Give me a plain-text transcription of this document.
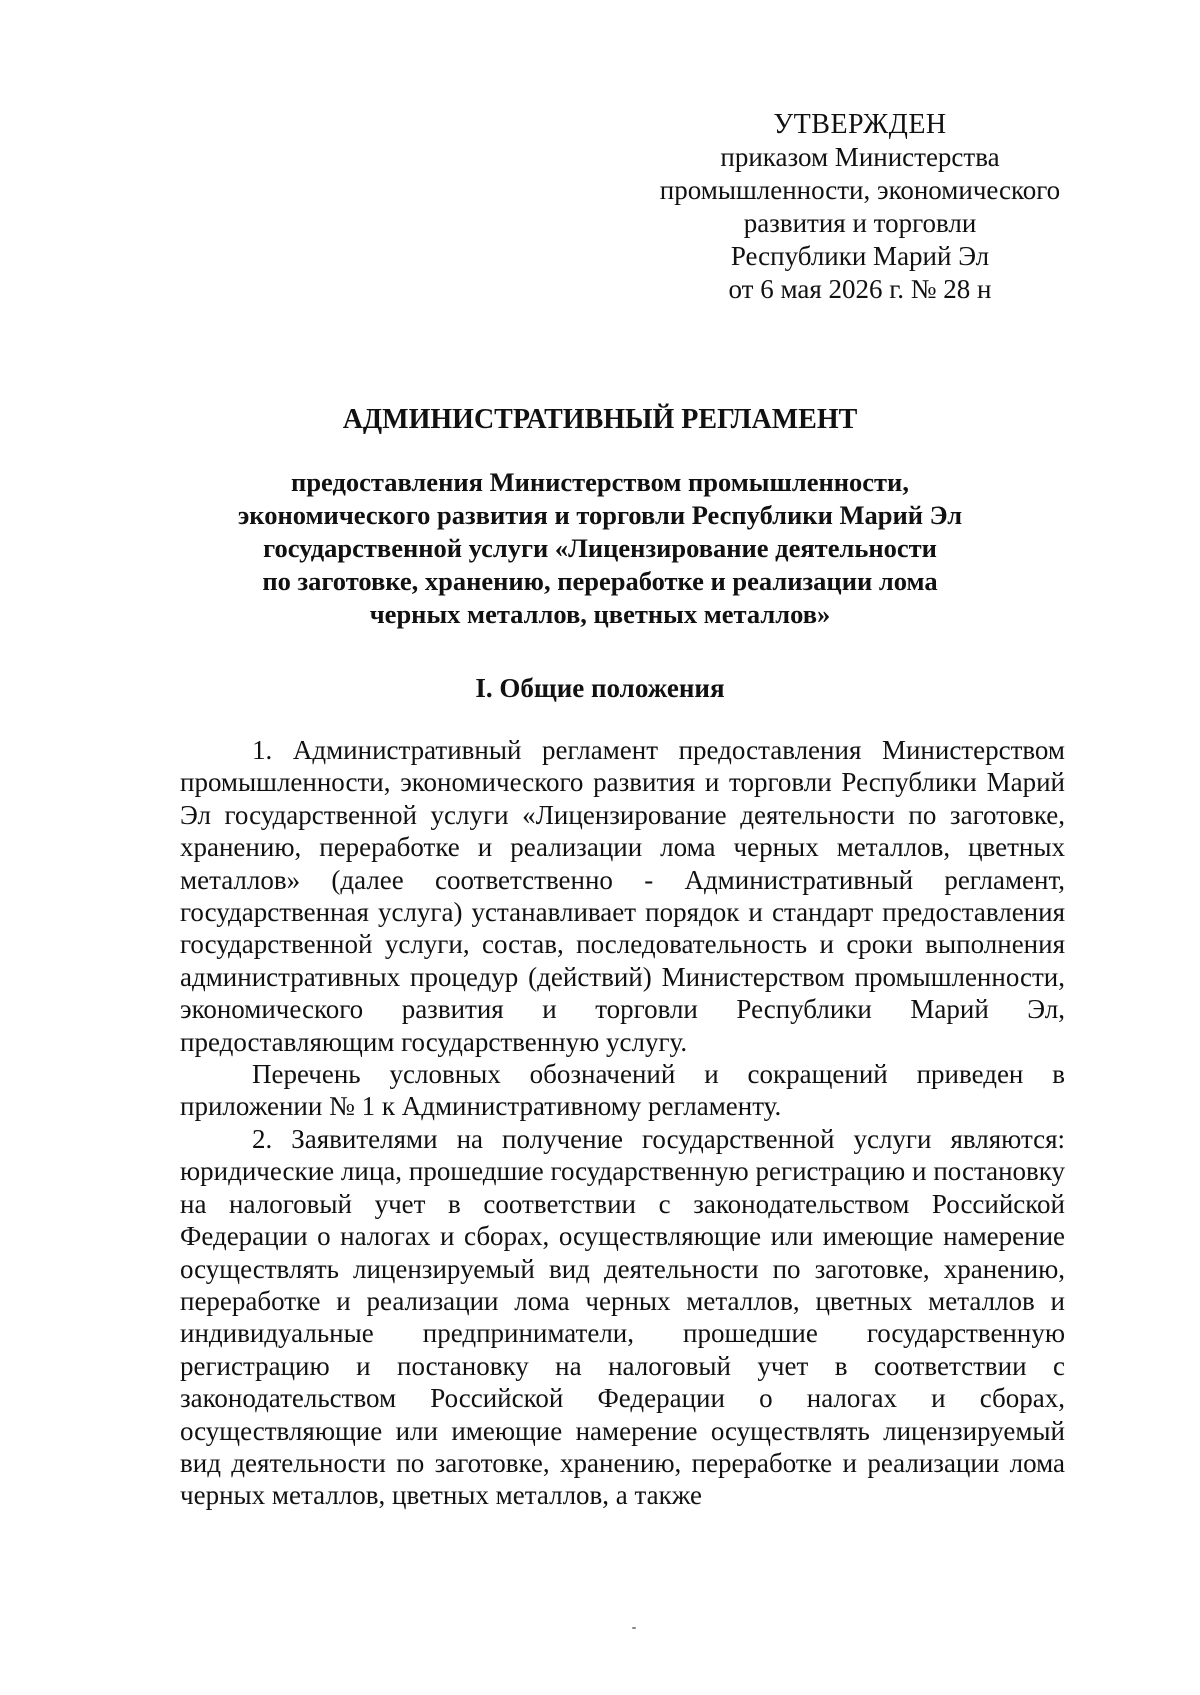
УТВЕРЖДЕН
приказом Министерства
промышленности, экономического
развития и торговли
Республики Марий Эл
от 6 мая 2026 г. № 28 н
АДМИНИСТРАТИВНЫЙ РЕГЛАМЕНТ
предоставления Министерством промышленности,
экономического развития и торговли Республики Марий Эл
государственной услуги «Лицензирование деятельности
по заготовке, хранению, переработке и реализации лома
черных металлов, цветных металлов»
I. Общие положения

1. Административный регламент предоставления Министерством промышленности, экономического развития и торговли Республики Марий Эл государственной услуги «Лицензирование деятельности по заготовке, хранению, переработке и реализации лома черных металлов, цветных металлов» (далее соответственно - Административный регламент, государственная услуга) устанавливает порядок и стандарт предоставления государственной услуги, состав, последовательность и сроки выполнения административных процедур (действий) Министерством промышленности, экономического развития и торговли Республики Марий Эл, предоставляющим государственную услугу.

Перечень условных обозначений и сокращений приведен в приложении № 1 к Административному регламенту.

2. Заявителями на получение государственной услуги являются: юридические лица, прошедшие государственную регистрацию и постановку на налоговый учет в соответствии с законодательством Российской Федерации о налогах и сборах, осуществляющие или имеющие намерение осуществлять лицензируемый вид деятельности по заготовке, хранению, переработке и реализации лома черных металлов, цветных металлов и индивидуальные предприниматели, прошедшие государственную регистрацию и постановку на налоговый учет в соответствии с законодательством Российской Федерации о налогах и сборах, осуществляющие или имеющие намерение осуществлять лицензируемый вид деятельности по заготовке, хранению, переработке и реализации лома черных металлов, цветных металлов, а также
